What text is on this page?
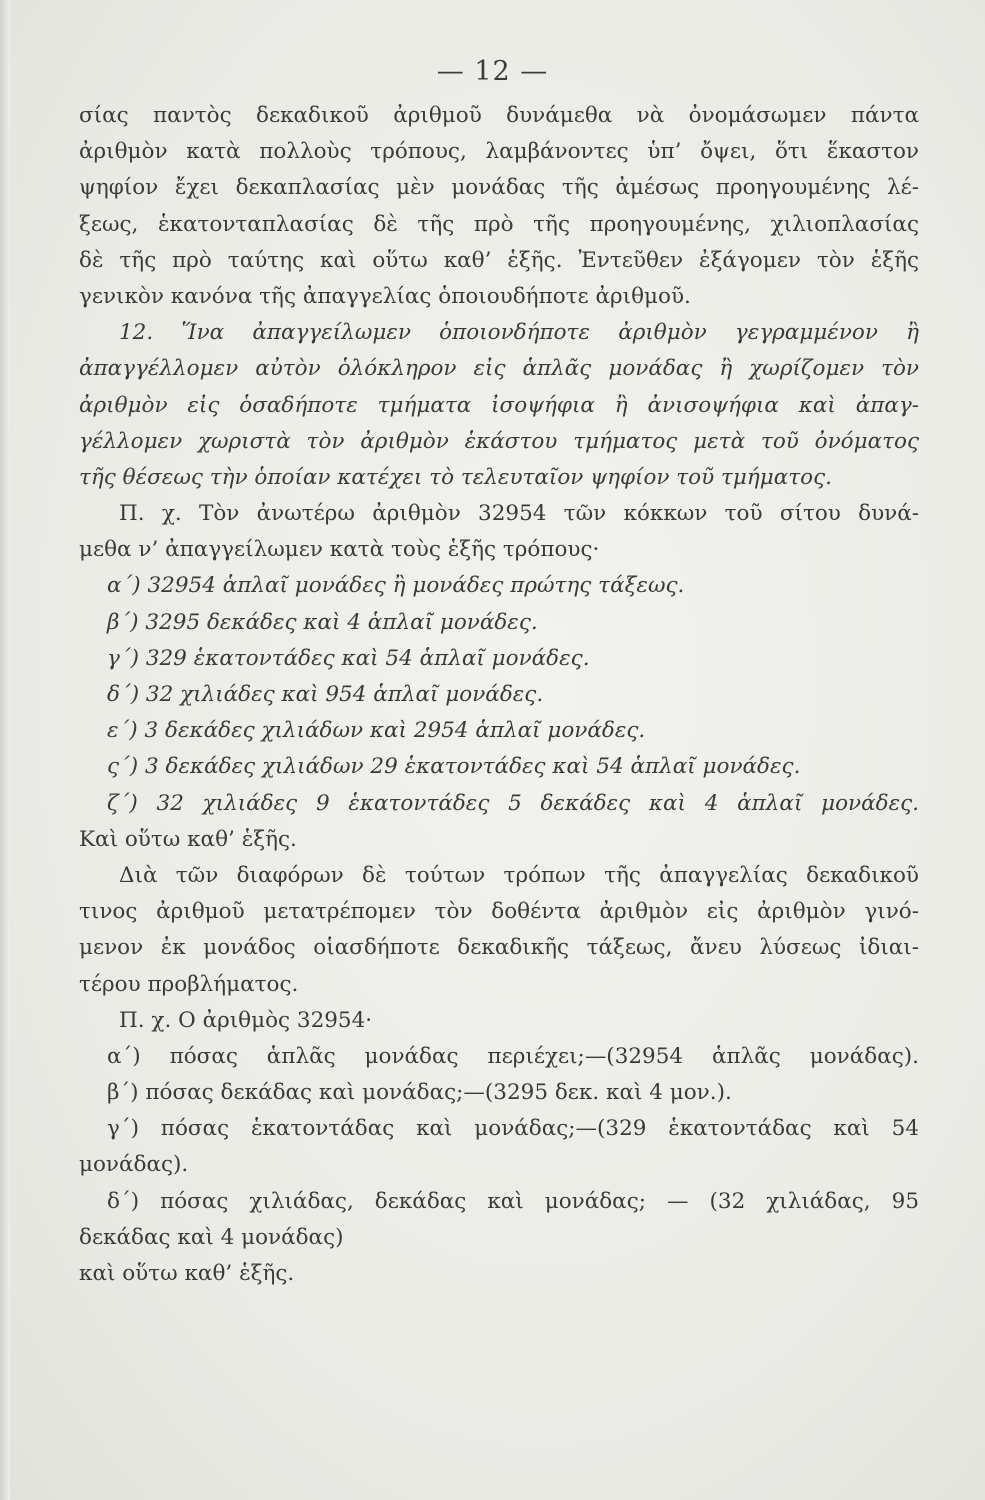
— 12 —
σίας παντὸς δεκαδικοῦ ἀριθμοῦ δυνάμεθα νὰ ὀνομάσωμεν πάντα
ἀριθμὸν κατὰ πολλοὺς τρόπους, λαμβάνοντες ὑπ’ ὄψει, ὅτι ἕκαστον
ψηφίον ἔχει δεκαπλασίας μὲν μονάδας τῆς ἀμέσως προηγουμένης λέ-
ξεως, ἑκατονταπλασίας δὲ τῆς πρὸ τῆς προηγουμένης, χιλιοπλασίας
δὲ τῆς πρὸ ταύτης καὶ οὕτω καθ’ ἑξῆς. Ἐντεῦθεν ἐξάγομεν τὸν ἑξῆς
γενικὸν κανόνα τῆς ἀπαγγελίας ὁποιουδήποτε ἀριθμοῦ.
12. Ἵνα ἀπαγγείλωμεν ὁποιονδήποτε ἀριθμὸν γεγραμμένον ἢ
ἀπαγγέλλομεν αὐτὸν ὁλόκληρον εἰς ἁπλᾶς μονάδας ἢ χωρίζομεν τὸν
ἀριθμὸν εἰς ὁσαδήποτε τμήματα ἰσοψήφια ἢ ἀνισοψήφια καὶ ἀπαγ-
γέλλομεν χωριστὰ τὸν ἀριθμὸν ἑκάστου τμήματος μετὰ τοῦ ὀνόματος
τῆς θέσεως τὴν ὁποίαν κατέχει τὸ τελευταῖον ψηφίον τοῦ τμήματος.
Π. χ. Τὸν ἀνωτέρω ἀριθμὸν 32954 τῶν κόκκων τοῦ σίτου δυνά-
μεθα ν’ ἀπαγγείλωμεν κατὰ τοὺς ἑξῆς τρόπους·
α΄) 32954 ἁπλαῖ μονάδες ἢ μονάδες πρώτης τάξεως.
β΄) 3295 δεκάδες καὶ 4 ἁπλαῖ μονάδες.
γ΄) 329 ἑκατοντάδες καὶ 54 ἁπλαῖ μονάδες.
δ΄) 32 χιλιάδες καὶ 954 ἁπλαῖ μονάδες.
ε΄) 3 δεκάδες χιλιάδων καὶ 2954 ἁπλαῖ μονάδες.
ς΄) 3 δεκάδες χιλιάδων 29 ἑκατοντάδες καὶ 54 ἁπλαῖ μονάδες.
ζ΄) 32 χιλιάδες 9 ἑκατοντάδες 5 δεκάδες καὶ 4 ἁπλαῖ μονάδες.
Καὶ οὕτω καθ’ ἑξῆς.
Διὰ τῶν διαφόρων δὲ τούτων τρόπων τῆς ἀπαγγελίας δεκαδικοῦ
τινος ἀριθμοῦ μετατρέπομεν τὸν δοθέντα ἀριθμὸν εἰς ἀριθμὸν γινό-
μενον ἐκ μονάδος οἱασδήποτε δεκαδικῆς τάξεως, ἄνευ λύσεως ἰδιαι-
τέρου προβλήματος.
Π. χ. Ο ἀριθμὸς 32954·
α΄) πόσας ἁπλᾶς μονάδας περιέχει;—(32954 ἁπλᾶς μονάδας).
β΄) πόσας δεκάδας καὶ μονάδας;—(3295 δεκ. καὶ 4 μον.).
γ΄) πόσας ἑκατοντάδας καὶ μονάδας;—(329 ἑκατοντάδας καὶ 54
μονάδας).
δ΄) πόσας χιλιάδας, δεκάδας καὶ μονάδας; — (32 χιλιάδας, 95
δεκάδας καὶ 4 μονάδας)
καὶ οὕτω καθ’ ἑξῆς.
